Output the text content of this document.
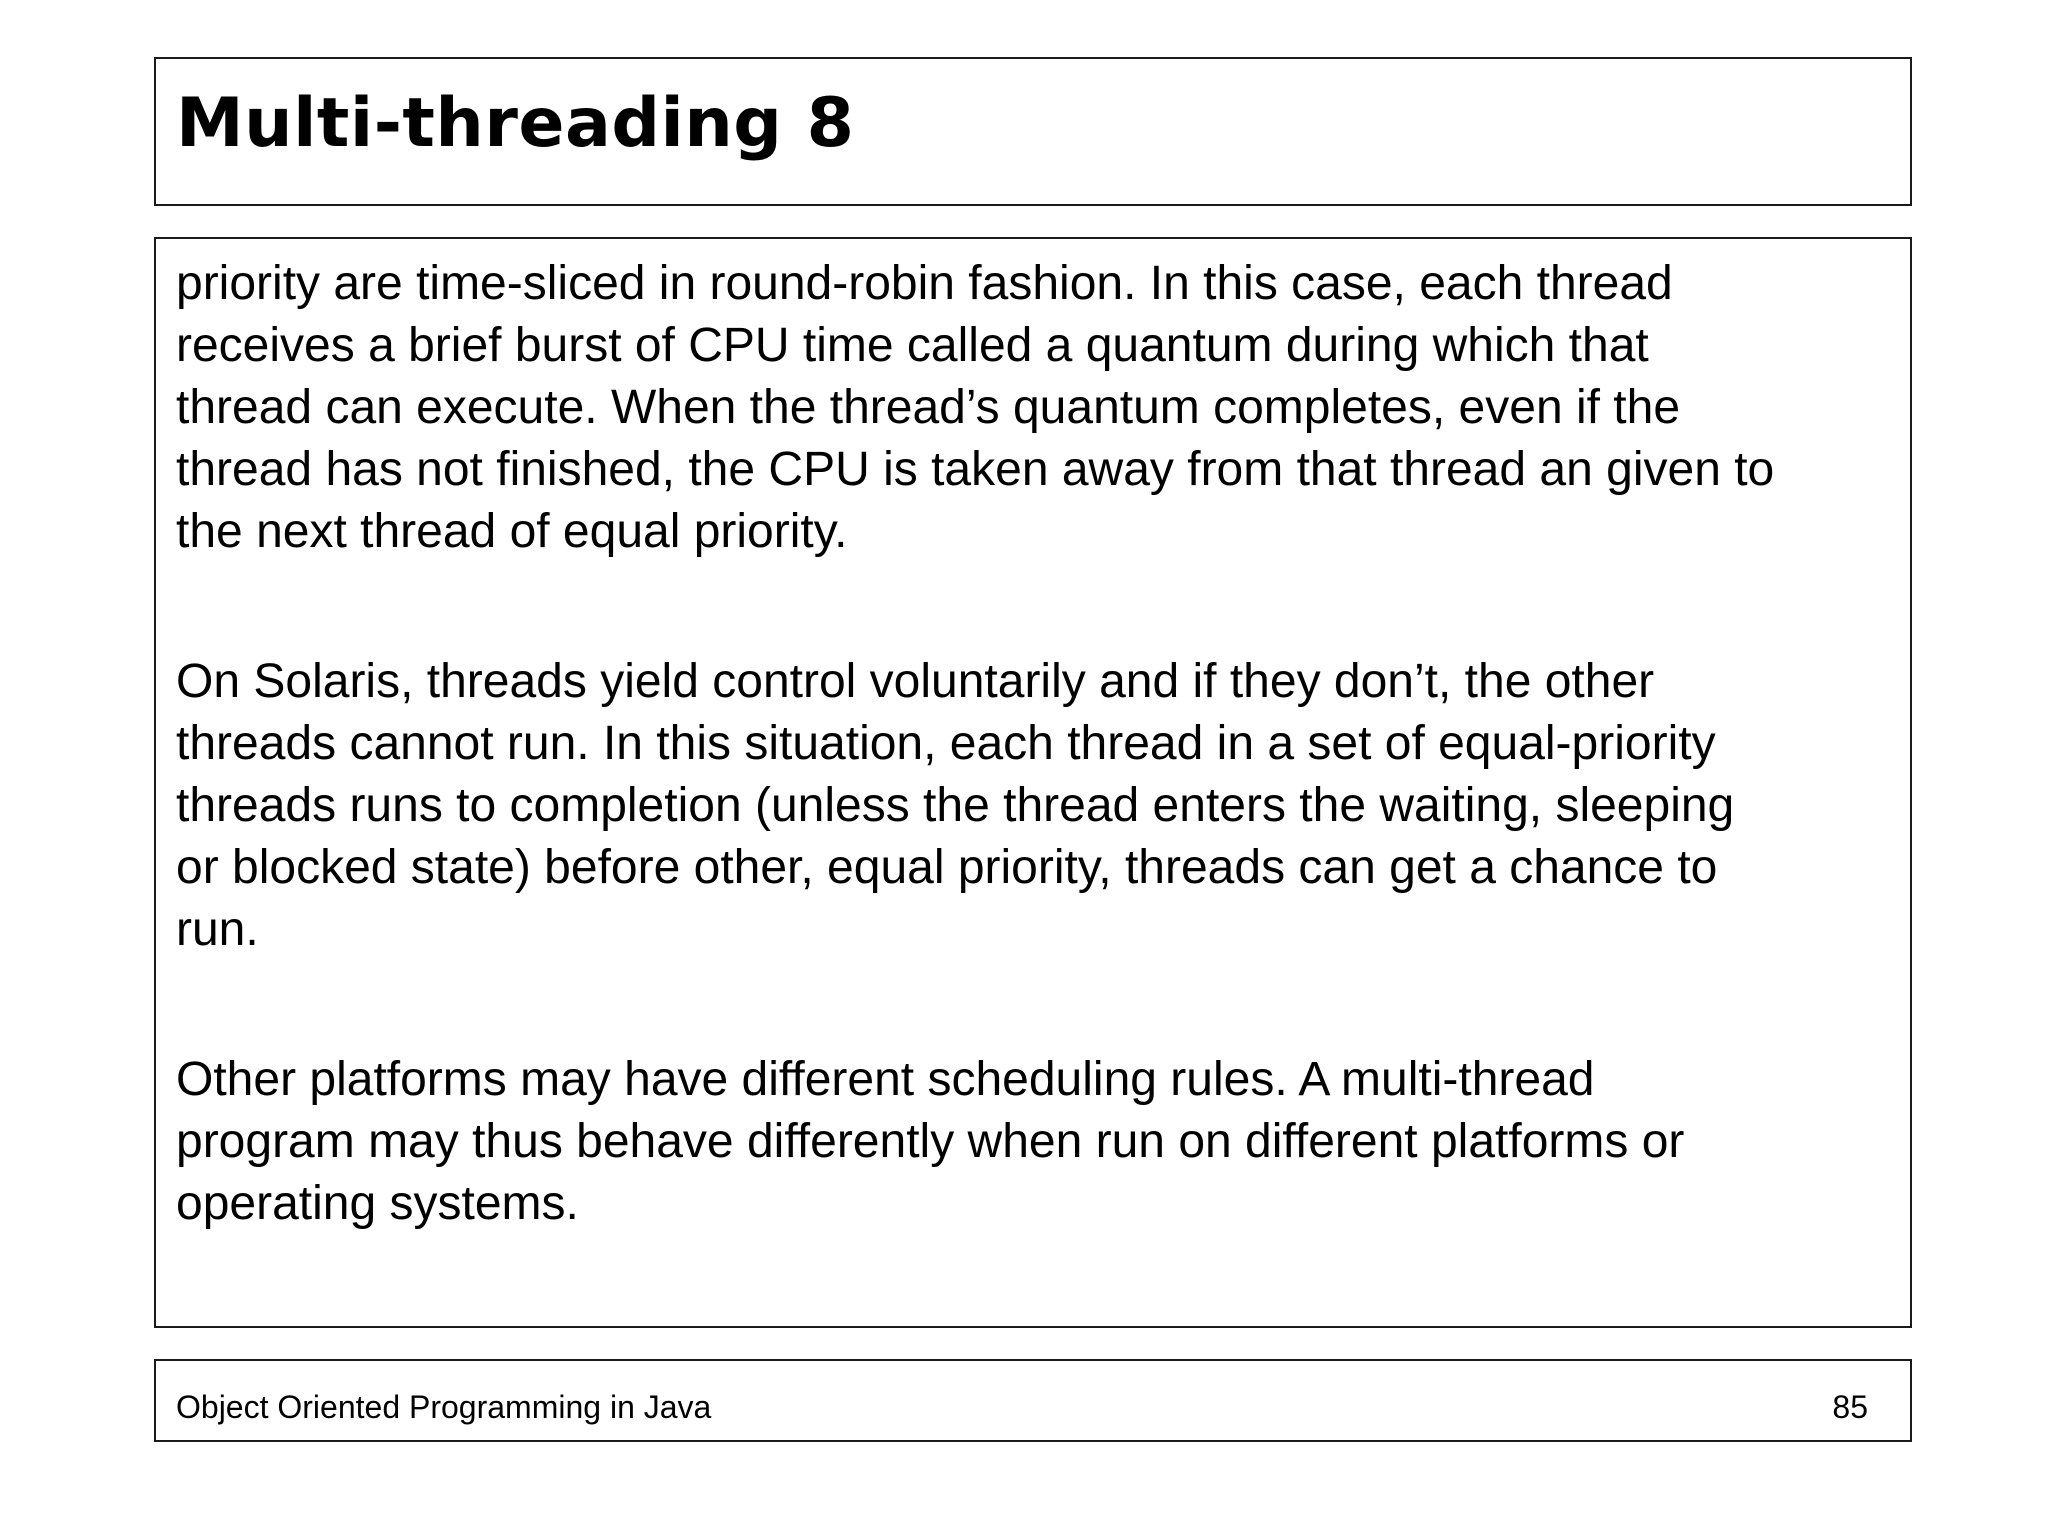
Multi-threading 8

priority are time-sliced in round-robin fashion. In this case, each thread
receives a brief burst of CPU time called a quantum during which that
thread can execute. When the thread’s quantum completes, even if the
thread has not finished, the CPU is taken away from that thread an given to
the next thread of equal priority.

On Solaris, threads yield control voluntarily and if they don’t, the other
threads cannot run. In this situation, each thread in a set of equal-priority
threads runs to completion (unless the thread enters the waiting, sleeping
or blocked state) before other, equal priority, threads can get a chance to
run.

Other platforms may have different scheduling rules. A multi-thread
program may thus behave differently when run on different platforms or
operating systems.

Object Oriented Programming in Java	85
